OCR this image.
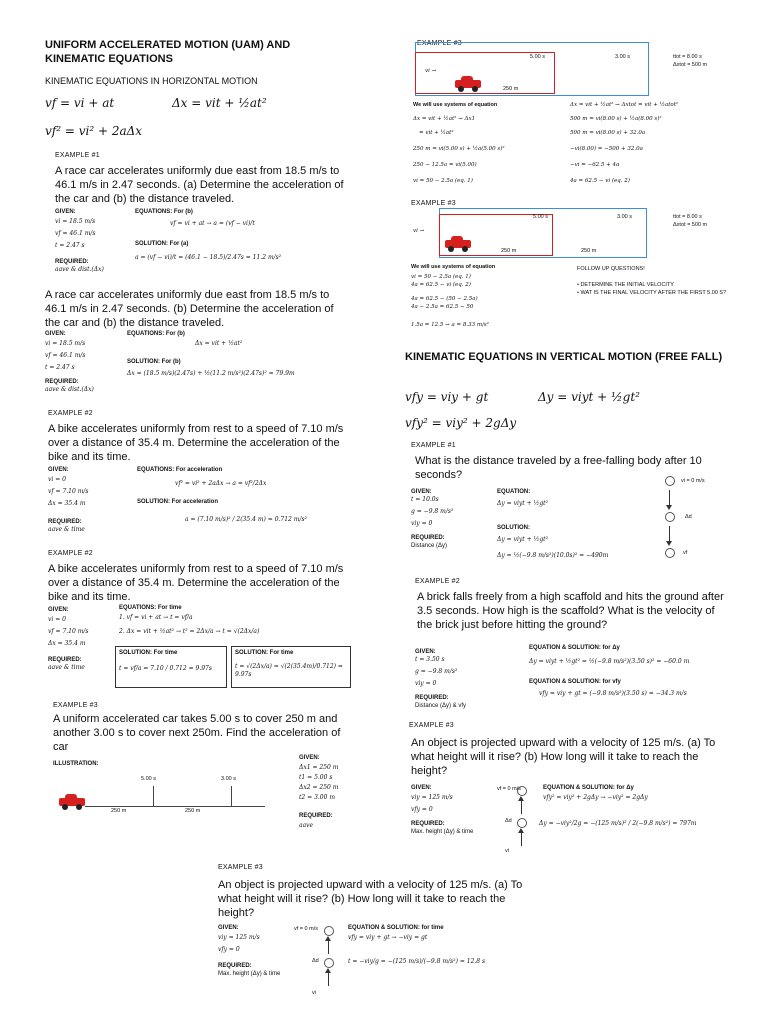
UNIFORM ACCELERATED MOTION (UAM) AND KINEMATIC EQUATIONS
KINEMATIC EQUATIONS IN HORIZONTAL MOTION
vf = vi + at	Δx = vit + ½at²
vf² = vi² + 2aΔx
EXAMPLE #1
A race car accelerates uniformly due east from 18.5 m/s to 46.1 m/s in 2.47 seconds. (a) Determine the acceleration of the car and (b) the distance traveled.
GIVEN:
vi = 18.5 m/s
vf = 46.1 m/s
t = 2.47 s
REQUIRED:
aave & dist.(Δx)
EQUATIONS: For (b)
vf = vi + at → a = (vf − vi)/t
SOLUTION: For (a)
a = (vf − vi)/t = (46.1 − 18.5)/2.47s = 11.2 m/s²
A race car accelerates uniformly due east from 18.5 m/s to 46.1 m/s in 2.47 seconds. (b) Determine the acceleration of the car and (b) the distance traveled.
GIVEN:
vi = 18.5 m/s
vf = 46.1 m/s
t = 2.47 s
REQUIRED:
aave & dist.(Δx)
EQUATIONS: For (b)
Δx = vit + ½at²
SOLUTION: For (b)
Δx = (18.5 m/s)(2.47s) + ½(11.2 m/s²)(2.47s)² = 79.9m
EXAMPLE #2
A bike accelerates uniformly from rest to a speed of 7.10 m/s over a distance of 35.4 m. Determine the acceleration of the bike and its time.
GIVEN:
vi = 0
vf = 7.10 m/s
Δx = 35.4 m
REQUIRED:
aave & time
EQUATIONS: For acceleration
vf² = vi² + 2aΔx → a = vf²/2Δx
SOLUTION: For acceleration
a = (7.10 m/s)² / 2(35.4 m) = 0.712 m/s²
EXAMPLE #2
A bike accelerates uniformly from rest to a speed of 7.10 m/s over a distance of 35.4 m. Determine the acceleration of the bike and its time.
GIVEN:
vi = 0
vf = 7.10 m/s
Δx = 35.4 m
REQUIRED:
aave & time
EQUATIONS: For time
1. vf = vi + at → t = vf/a
2. Δx = vit + ½at² → t² = 2Δx/a → t = √(2Δx/a)
SOLUTION: For time
t = vf/a = 7.10 / 0.712 = 9.97s
SOLUTION: For time
t = √(2Δx/a) = √(2(35.4m)/0.712) = 9.97s
EXAMPLE #3
A uniform accelerated car takes 5.00 s to cover 250 m and another 3.00 s to cover next 250m. Find the acceleration of car
ILLUSTRATION:
5.00 s	3.00 s
250 m	250 m
GIVEN:
Δx1 = 250 m
t1 = 5.00 s
Δx2 = 250 m
t2 = 3.00 m
REQUIRED:
aave
EXAMPLE #3
5.00 s	3.00 s
vi →
250 m
ttot = 8.00 s
Δxtot = 500 m
We will use systems of equation
Δx = vit + ½at² → Δx1
= vit + ½at²
250 m = vi(5.00 s) + ½a(5.00 s)²
250 − 12.5a = vi(5.00)
vi = 50 − 2.5a (eq. 1)
Δx = vit + ½at² → Δxtot = vit + ½atot²
500 m = vi(8.00 s) + ½a(8.00 s)²
500 m = vi(8.00 s) + 32.0a
−vi(8.00) = −500 + 32.0a
−vi = −62.5 + 4a
4a = 62.5 − vi (eq. 2)
EXAMPLE #3
5.00 s	3.00 s
vi →
250 m	250 m
ttot = 8.00 s
Δxtot = 500 m
We will use systems of equation
vi = 50 − 2.5a (eq. 1)
4a = 62.5 − vi (eq. 2)
4a = 62.5 − (50 − 2.5a)
4a − 2.5a = 62.5 − 50
1.5a = 12.5 → a = 8.33 m/s²
FOLLOW UP QUESTIONS!
• DETERMINE THE INITIAL VELOCITY
• WAT IS THE FINAL VELOCITY AFTER THE FIRST 5.00 S?
KINEMATIC EQUATIONS IN VERTICAL MOTION (FREE FALL)
vfy = viy + gt	Δy = viyt + ½gt²
vfy² = viy² + 2gΔy
EXAMPLE #1
What is the distance traveled by a free-falling body after 10 seconds?
GIVEN:
t = 10.0s
g = −9.8 m/s²
viy = 0
REQUIRED:
Distance (Δy)
EQUATION:
Δy = viyt + ½gt²
SOLUTION:
Δy = viyt + ½gt²
Δy = ½(−9.8 m/s²)(10.0s)² = −490m
vi = 0 m/s
Δd
vf
EXAMPLE #2
A brick falls freely from a high scaffold and hits the ground after 3.5 seconds. How high is the scaffold? What is the velocity of the brick just before hitting the ground?
GIVEN:
t = 3.50 s
g = −9.8 m/s²
viy = 0
REQUIRED:
Distance (Δy) & vfy
EQUATION & SOLUTION: for Δy
Δy = viyt + ½gt² = ½(−9.8 m/s²)(3.50 s)² = −60.0 m
EQUATION & SOLUTION: for vfy
vfy = viy + gt = (−9.8 m/s²)(3.50 s) = −34.3 m/s
EXAMPLE #3
An object is projected upward with a velocity of 125 m/s. (a) To what height will it rise? (b) How long will it take to reach the height?
GIVEN:
viy = 125 m/s
vfy = 0
REQUIRED:
Max. height (Δy) & time
vf = 0 m/s
Δd
vi
EQUATION & SOLUTION: for Δy
vfy² = viy² + 2gΔy → −viy² = 2gΔy
Δy = −viy²/2g = −(125 m/s)² / 2(−9.8 m/s²) = 797m
EXAMPLE #3
An object is projected upward with a velocity of 125 m/s. (a) To what height will it rise? (b) How long will it take to reach the height?
GIVEN:
viy = 125 m/s
vfy = 0
REQUIRED:
Max. height (Δy) & time
vf = 0 m/s
Δd
vi
EQUATION & SOLUTION: for time
vfy = viy + gt → −viy = gt
t = −viy/g = −(125 m/s)/(−9.8 m/s²) = 12.8 s
